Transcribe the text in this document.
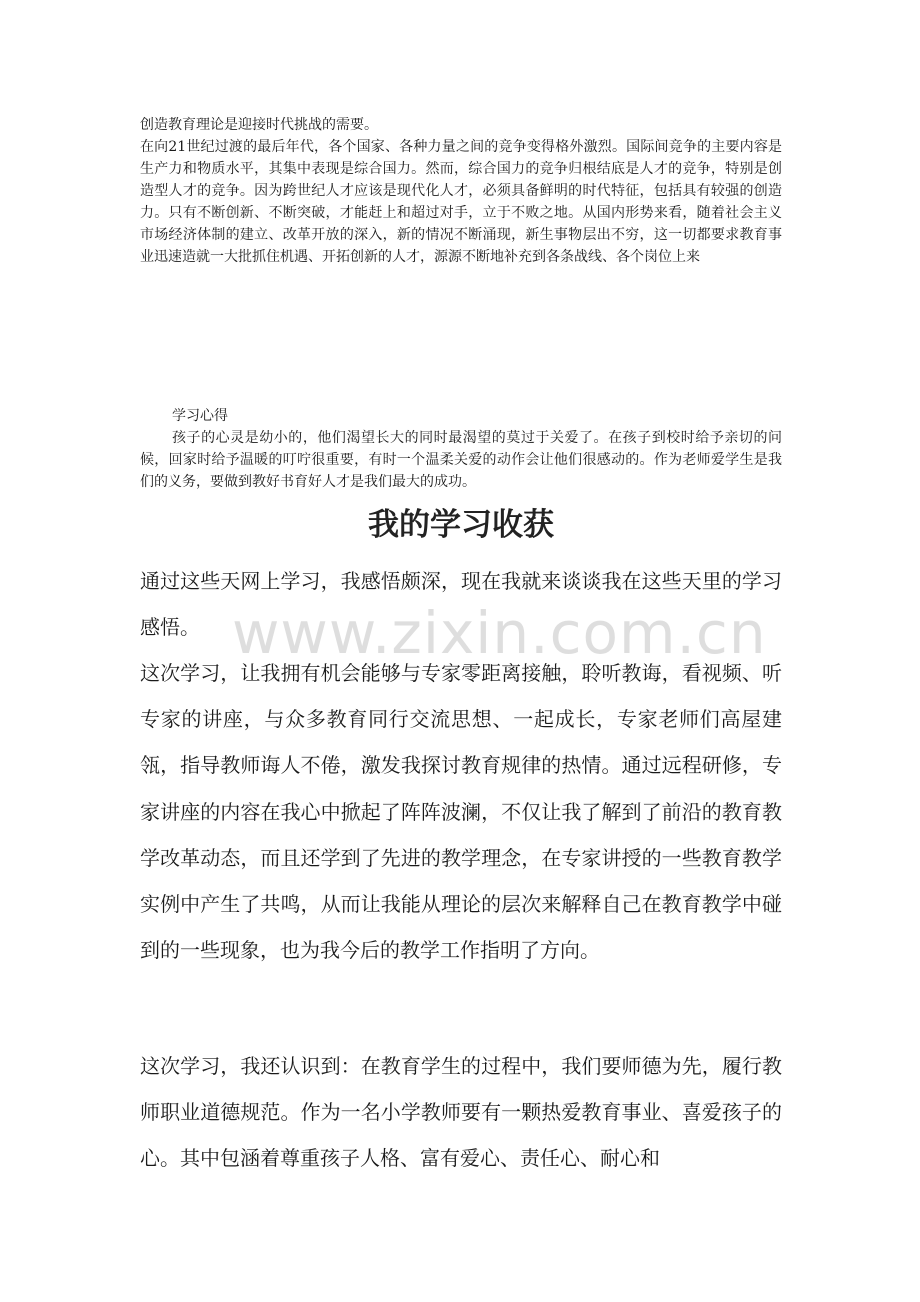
创造教育理论是迎接时代挑战的需要。

在向21世纪过渡的最后年代，各个国家、各种力量之间的竞争变得格外激烈。国际间竞争的主要内容是生产力和物质水平，其集中表现是综合国力。然而，综合国力的竞争归根结底是人才的竞争，特别是创造型人才的竞争。因为跨世纪人才应该是现代化人才，必须具备鲜明的时代特征，包括具有较强的创造力。只有不断创新、不断突破，才能赶上和超过对手，立于不败之地。从国内形势来看，随着社会主义市场经济体制的建立、改革开放的深入，新的情况不断涌现，新生事物层出不穷，这一切都要求教育事业迅速造就一大批抓住机遇、开拓创新的人才，源源不断地补充到各条战线、各个岗位上来

学习心得

孩子的心灵是幼小的，他们渴望长大的同时最渴望的莫过于关爱了。在孩子到校时给予亲切的问候，回家时给予温暖的叮咛很重要，有时一个温柔关爱的动作会让他们很感动的。作为老师爱学生是我们的义务，要做到教好书育好人才是我们最大的成功。

我的学习收获

通过这些天网上学习，我感悟颇深，现在我就来谈谈我在这些天里的学习感悟。

这次学习，让我拥有机会能够与专家零距离接触，聆听教诲，看视频、听专家的讲座，与众多教育同行交流思想、一起成长，专家老师们高屋建瓴，指导教师诲人不倦，激发我探讨教育规律的热情。通过远程研修，专家讲座的内容在我心中掀起了阵阵波澜，不仅让我了解到了前沿的教育教学改革动态，而且还学到了先进的教学理念，在专家讲授的一些教育教学实例中产生了共鸣，从而让我能从理论的层次来解释自己在教育教学中碰到的一些现象，也为我今后的教学工作指明了方向。

这次学习，我还认识到：在教育学生的过程中，我们要师德为先，履行教师职业道德规范。作为一名小学教师要有一颗热爱教育事业、喜爱孩子的心。其中包涵着尊重孩子人格、富有爱心、责任心、耐心和

www.zixin.com.cn
